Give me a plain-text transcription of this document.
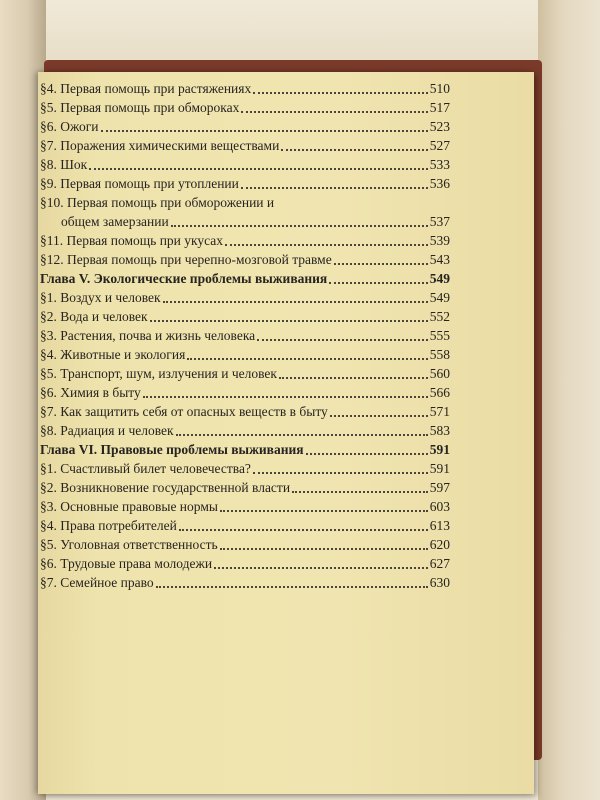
§4. Первая помощь при растяжениях	510
§5. Первая помощь при обмороках	517
§6. Ожоги	523
§7. Поражения химическими веществами	527
§8. Шок	533
§9. Первая помощь при утоплении	536
§10. Первая помощь при обморожении и
общем замерзании	537
§11. Первая помощь при укусах	539
§12. Первая помощь при черепно-мозговой травме	543
Глава V. Экологические проблемы выживания	549
§1. Воздух и человек	549
§2. Вода и человек	552
§3. Растения, почва и жизнь человека	555
§4. Животные и экология	558
§5. Транспорт, шум, излучения и человек	560
§6. Химия в быту	566
§7. Как защитить себя от опасных веществ в быту	571
§8. Радиация и человек	583
Глава VI. Правовые проблемы выживания	591
§1. Счастливый билет человечества?	591
§2. Возникновение государственной власти	597
§3. Основные правовые нормы	603
§4. Права потребителей	613
§5. Уголовная ответственность	620
§6. Трудовые права молодежи	627
§7. Семейное право	630
